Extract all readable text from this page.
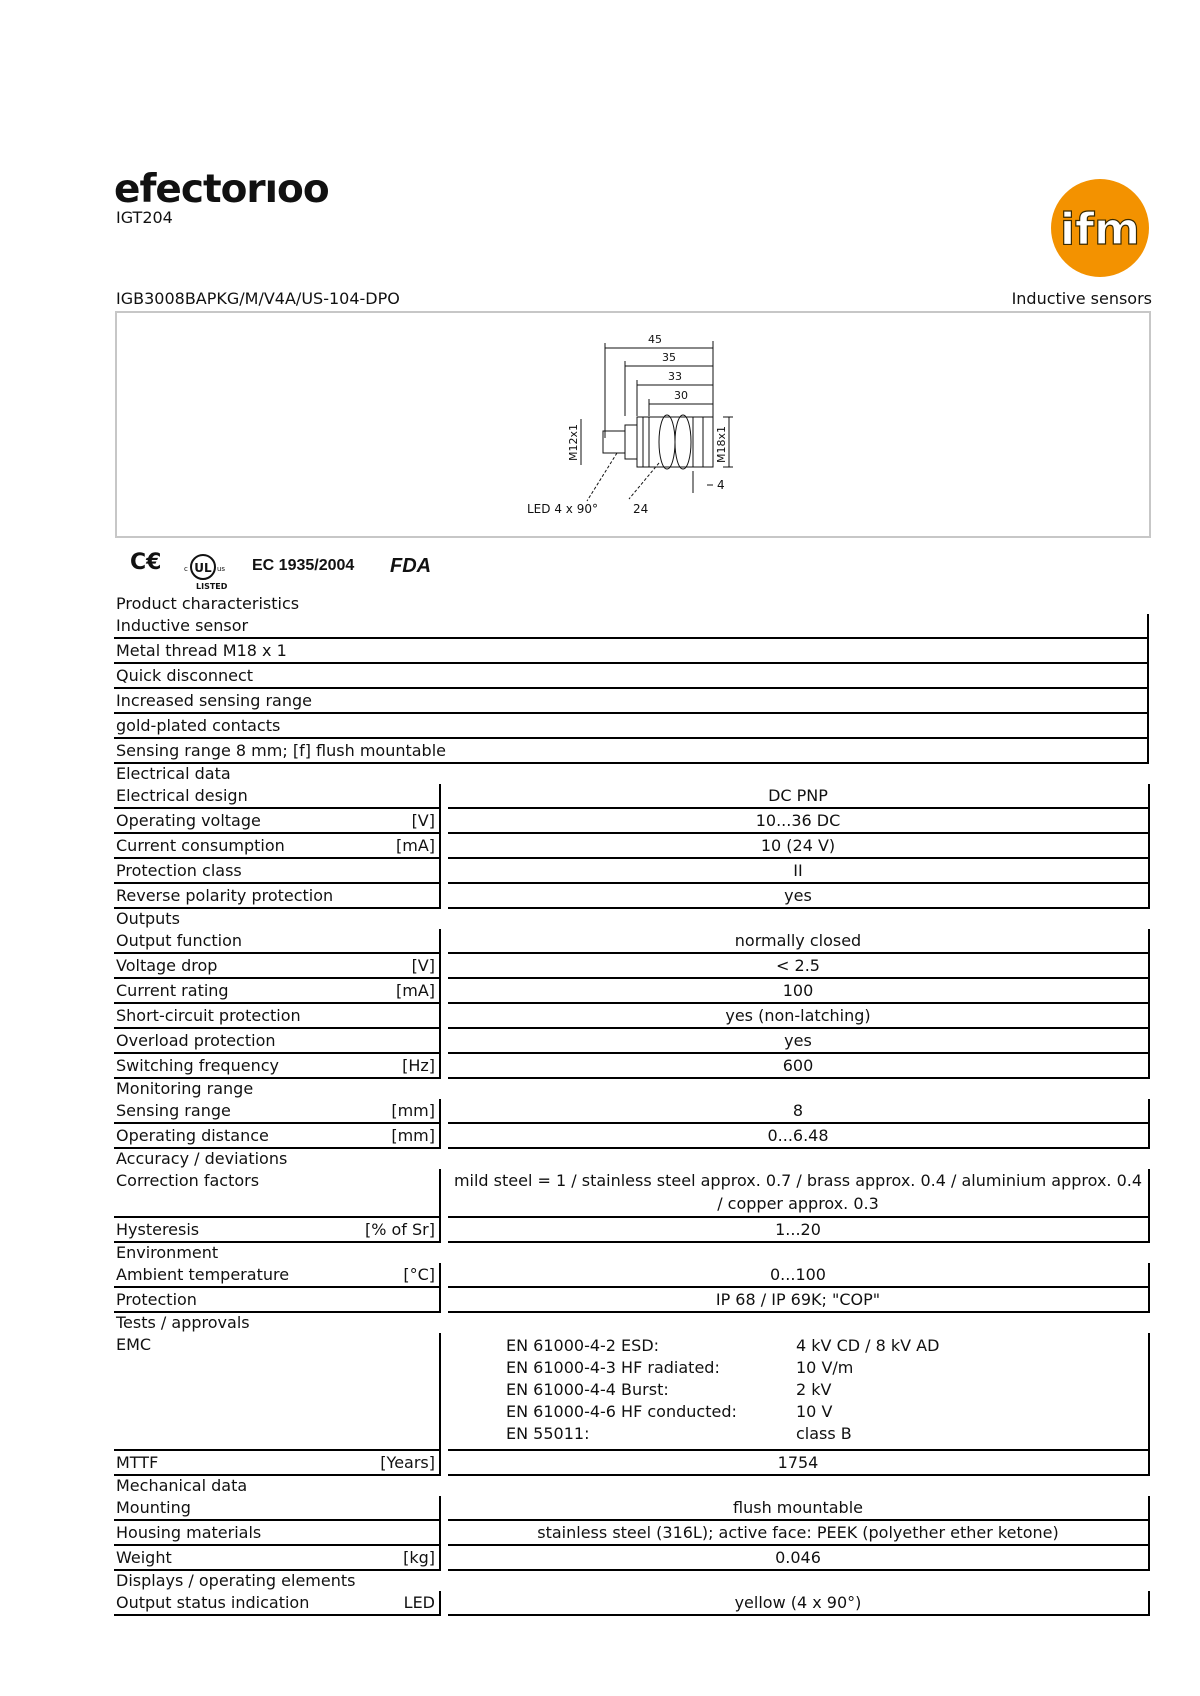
efectorıoo
IGT204	ifm
IGB3008BAPKG/M/V4A/US-104-DPO	Inductive sensors
45
35
33
30
M12x1	M18x1
LED 4 x 90°	24
4
C€	UL
c	us
LISTED
EC 1935/2004 FDA
Product characteristics
Inductive sensor
Metal thread M18 x 1
Quick disconnect
Increased sensing range
gold-plated contacts
Sensing range 8 mm; [f] flush mountable
Electrical data
Electrical design	DC PNP
Operating voltage	[V]	10...36 DC
Current consumption	[mA]	10 (24 V)
Protection class	II
Reverse polarity protection	yes
Outputs
Output function	normally closed
Voltage drop	[V]	< 2.5
Current rating	[mA]	100
Short-circuit protection	yes (non-latching)
Overload protection	yes
Switching frequency	[Hz]	600
Monitoring range
Sensing range	[mm]	8
Operating distance	[mm]	0...6.48
Accuracy / deviations
Correction factors	mild steel = 1 / stainless steel approx. 0.7 / brass approx. 0.4 / aluminium approx. 0.4 / copper approx. 0.3
Hysteresis	[% of Sr]	1...20
Environment
Ambient temperature	[°C]	0...100
Protection	IP 68 / IP 69K; "COP"
Tests / approvals
EMC	EN 61000-4-2 ESD:	4 kV CD / 8 kV AD
EN 61000-4-3 HF radiated:	10 V/m
EN 61000-4-4 Burst:	2 kV
EN 61000-4-6 HF conducted:	10 V
EN 55011:	class B
MTTF	[Years]	1754
Mechanical data
Mounting	flush mountable
Housing materials	stainless steel (316L); active face: PEEK (polyether ether ketone)
Weight	[kg]	0.046
Displays / operating elements
Output status indication	LED	yellow (4 x 90°)
